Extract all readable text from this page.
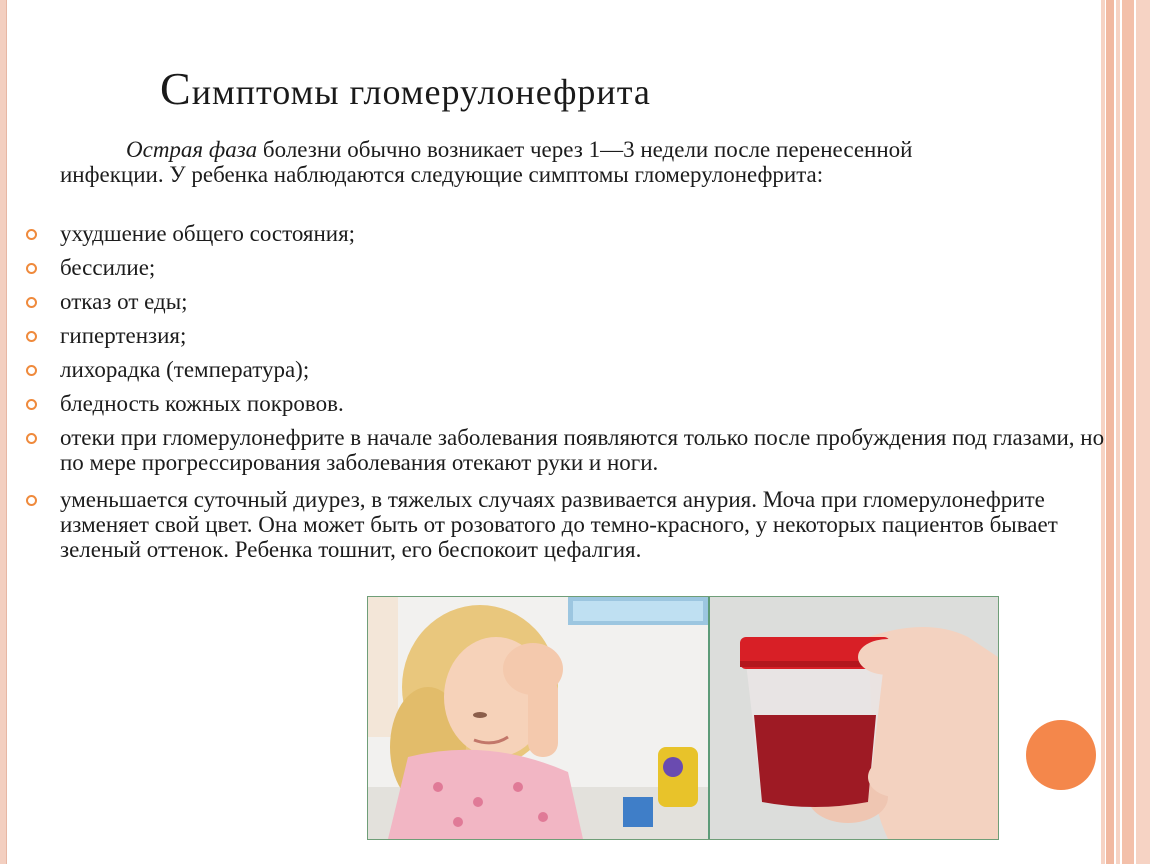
Симптомы гломерулонефрита

Острая фаза болезни обычно возникает через 1—3 недели после перенесенной инфекции. У ребенка наблюдаются следующие симптомы гломерулонефрита:

ухудшение общего состояния;
бессилие;
отказ от еды;
гипертензия;
лихорадка (температура);
бледность кожных покровов.
отеки при гломерулонефрите в начале заболевания появляются только после пробуждения под глазами, но по мере прогрессирования заболевания отекают руки и ноги.
уменьшается суточный диурез, в тяжелых случаях развивается анурия. Моча при гломерулонефрите изменяет свой цвет. Она может быть от розоватого до темно-красного, у некоторых пациентов бывает зеленый оттенок. Ребенка тошнит, его беспокоит цефалгия.
